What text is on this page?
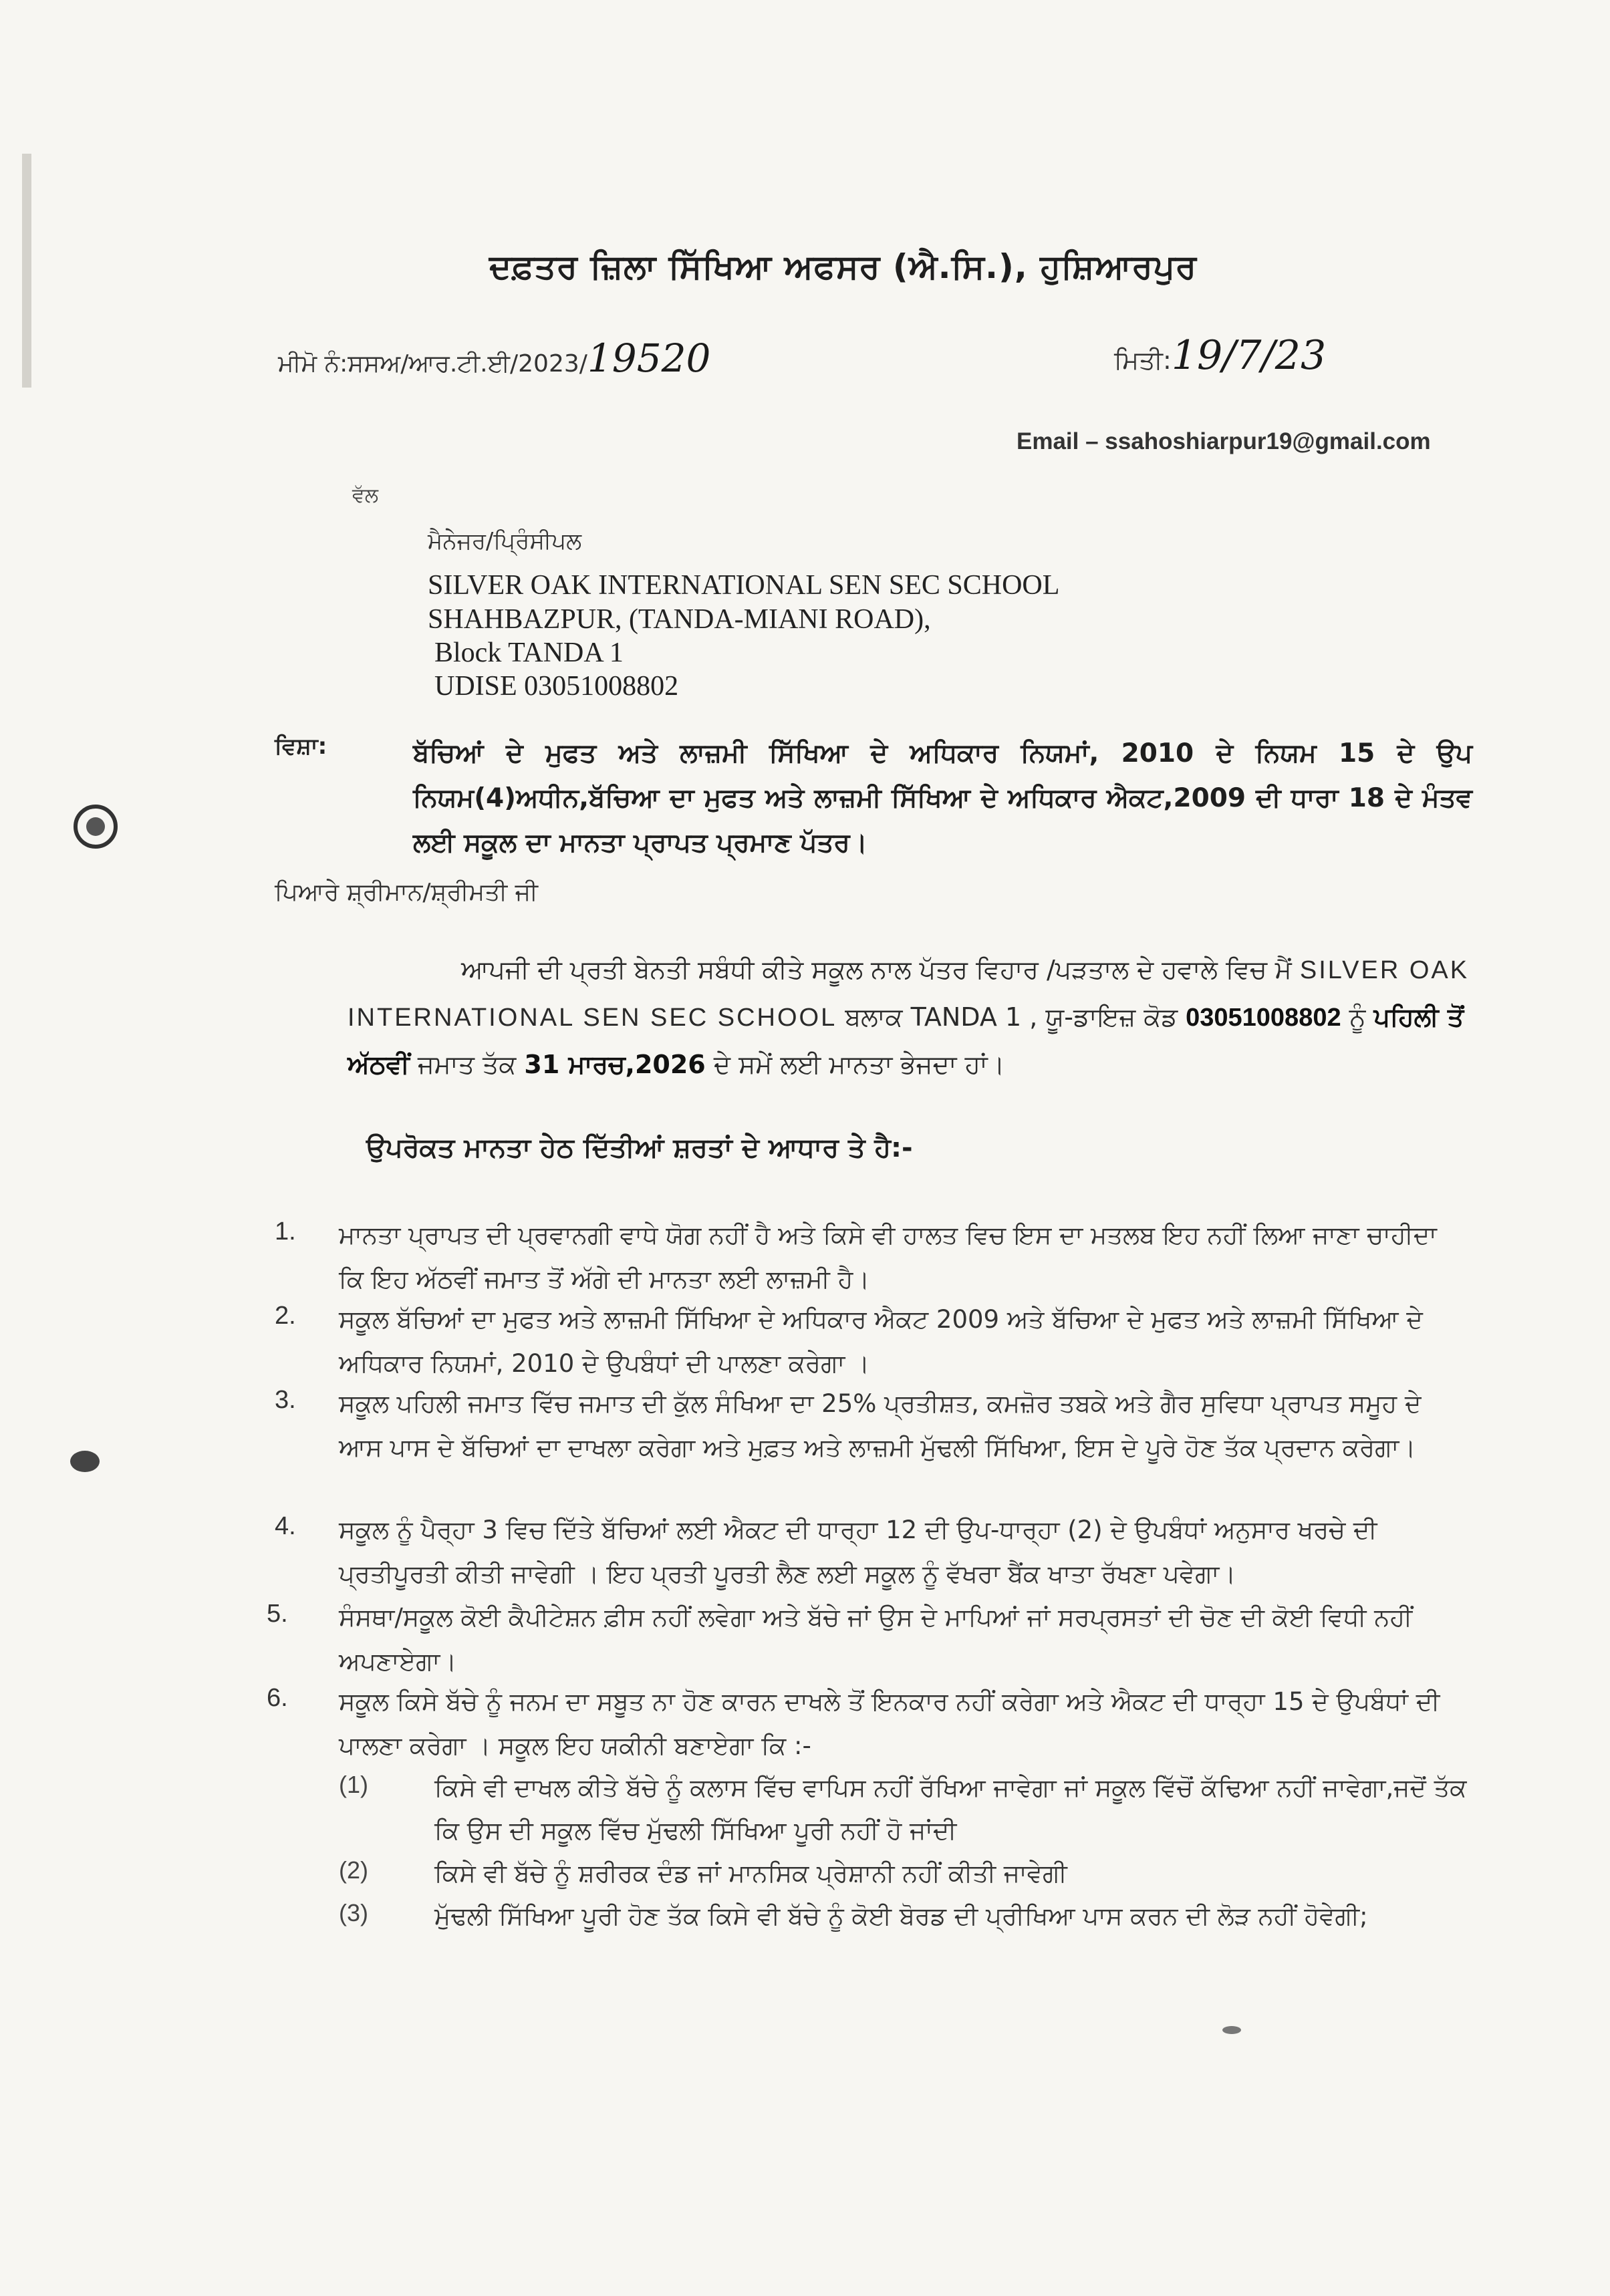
ਦਫ਼ਤਰ ਜ਼ਿਲਾ ਸਿੱਖਿਆ ਅਫਸਰ (ਐ.ਸਿ.), ਹੁਸ਼ਿਆਰਪੁਰ
ਮੀਮੋ ਨੰ:ਸਸਅ/ਆਰ.ਟੀ.ਈ/2023/19520	ਮਿਤੀ:19/7/23
Email – ssahoshiarpur19@gmail.com
ਵੱਲ
ਮੈਨੇਜਰ/ਪ੍ਰਿੰਸੀਪਲ
SILVER OAK INTERNATIONAL SEN SEC SCHOOL
SHAHBAZPUR, (TANDA-MIANI ROAD),
Block TANDA 1
UDISE 03051008802
ਵਿਸ਼ਾ:	ਬੱਚਿਆਂ ਦੇ ਮੁਫਤ ਅਤੇ ਲਾਜ਼ਮੀ ਸਿੱਖਿਆ ਦੇ ਅਧਿਕਾਰ ਨਿਯਮਾਂ, 2010 ਦੇ ਨਿਯਮ 15 ਦੇ ਉਪ ਨਿਯਮ(4)ਅਧੀਨ,ਬੱਚਿਆ ਦਾ ਮੁਫਤ ਅਤੇ ਲਾਜ਼ਮੀ ਸਿੱਖਿਆ ਦੇ ਅਧਿਕਾਰ ਐਕਟ,2009 ਦੀ ਧਾਰਾ 18 ਦੇ ਮੰਤਵ ਲਈ ਸਕੂਲ ਦਾ ਮਾਨਤਾ ਪ੍ਰਾਪਤ ਪ੍ਰਮਾਣ ਪੱਤਰ।
ਪਿਆਰੇ ਸ਼੍ਰੀਮਾਨ/ਸ਼੍ਰੀਮਤੀ ਜੀ
ਆਪਜੀ ਦੀ ਪ੍ਰਤੀ ਬੇਨਤੀ ਸਬੰਧੀ ਕੀਤੇ ਸਕੂਲ ਨਾਲ ਪੱਤਰ ਵਿਹਾਰ /ਪੜਤਾਲ ਦੇ ਹਵਾਲੇ ਵਿਚ ਮੈਂ SILVER OAK INTERNATIONAL SEN SEC SCHOOL ਬਲਾਕ TANDA 1 , ਯੂ-ਡਾਇਜ਼ ਕੋਡ 03051008802 ਨੂੰ ਪਹਿਲੀ ਤੋਂ ਅੱਠਵੀਂ ਜਮਾਤ ਤੱਕ 31 ਮਾਰਚ,2026 ਦੇ ਸਮੇਂ ਲਈ ਮਾਨਤਾ ਭੇਜਦਾ ਹਾਂ।
ਉਪਰੋਕਤ ਮਾਨਤਾ ਹੇਠ ਦਿੱਤੀਆਂ ਸ਼ਰਤਾਂ ਦੇ ਆਧਾਰ ਤੇ ਹੈ:-
1. ਮਾਨਤਾ ਪ੍ਰਾਪਤ ਦੀ ਪ੍ਰਵਾਨਗੀ ਵਾਧੇ ਯੋਗ ਨਹੀਂ ਹੈ ਅਤੇ ਕਿਸੇ ਵੀ ਹਾਲਤ ਵਿਚ ਇਸ ਦਾ ਮਤਲਬ ਇਹ ਨਹੀਂ ਲਿਆ ਜਾਣਾ ਚਾਹੀਦਾ ਕਿ ਇਹ ਅੱਠਵੀਂ ਜਮਾਤ ਤੋਂ ਅੱਗੇ ਦੀ ਮਾਨਤਾ ਲਈ ਲਾਜ਼ਮੀ ਹੈ।
2. ਸਕੂਲ ਬੱਚਿਆਂ ਦਾ ਮੁਫਤ ਅਤੇ ਲਾਜ਼ਮੀ ਸਿੱਖਿਆ ਦੇ ਅਧਿਕਾਰ ਐਕਟ 2009 ਅਤੇ ਬੱਚਿਆ ਦੇ ਮੁਫਤ ਅਤੇ ਲਾਜ਼ਮੀ ਸਿੱਖਿਆ ਦੇ ਅਧਿਕਾਰ ਨਿਯਮਾਂ, 2010 ਦੇ ਉਪਬੰਧਾਂ ਦੀ ਪਾਲਣਾ ਕਰੇਗਾ ।
3. ਸਕੂਲ ਪਹਿਲੀ ਜਮਾਤ ਵਿੱਚ ਜਮਾਤ ਦੀ ਕੁੱਲ ਸੰਖਿਆ ਦਾ 25% ਪ੍ਰਤੀਸ਼ਤ, ਕਮਜ਼ੋਰ ਤਬਕੇ ਅਤੇ ਗੈਰ ਸੁਵਿਧਾ ਪ੍ਰਾਪਤ ਸਮੂਹ ਦੇ ਆਸ ਪਾਸ ਦੇ ਬੱਚਿਆਂ ਦਾ ਦਾਖਲਾ ਕਰੇਗਾ ਅਤੇ ਮੁਫ਼ਤ ਅਤੇ ਲਾਜ਼ਮੀ ਮੁੱਢਲੀ ਸਿੱਖਿਆ, ਇਸ ਦੇ ਪੂਰੇ ਹੋਣ ਤੱਕ ਪ੍ਰਦਾਨ ਕਰੇਗਾ।
4. ਸਕੂਲ ਨੂੰ ਪੈਰ੍ਹਾ 3 ਵਿਚ ਦਿੱਤੇ ਬੱਚਿਆਂ ਲਈ ਐਕਟ ਦੀ ਧਾਰ੍ਹਾ 12 ਦੀ ਉਪ-ਧਾਰ੍ਹਾ (2) ਦੇ ਉਪਬੰਧਾਂ ਅਨੁਸਾਰ ਖਰਚੇ ਦੀ ਪ੍ਰਤੀਪੂਰਤੀ ਕੀਤੀ ਜਾਵੇਗੀ । ਇਹ ਪ੍ਰਤੀ ਪੂਰਤੀ ਲੈਣ ਲਈ ਸਕੂਲ ਨੂੰ ਵੱਖਰਾ ਬੈਂਕ ਖਾਤਾ ਰੱਖਣਾ ਪਵੇਗਾ।
5. ਸੰਸਥਾ/ਸਕੂਲ ਕੋਈ ਕੈਪੀਟੇਸ਼ਨ ਫ਼ੀਸ ਨਹੀਂ ਲਵੇਗਾ ਅਤੇ ਬੱਚੇ ਜਾਂ ਉਸ ਦੇ ਮਾਪਿਆਂ ਜਾਂ ਸਰਪ੍ਰਸਤਾਂ ਦੀ ਚੋਣ ਦੀ ਕੋਈ ਵਿਧੀ ਨਹੀਂ ਅਪਣਾਏਗਾ।
6. ਸਕੂਲ ਕਿਸੇ ਬੱਚੇ ਨੂੰ ਜਨਮ ਦਾ ਸਬੂਤ ਨਾ ਹੋਣ ਕਾਰਨ ਦਾਖਲੇ ਤੋਂ ਇਨਕਾਰ ਨਹੀਂ ਕਰੇਗਾ ਅਤੇ ਐਕਟ ਦੀ ਧਾਰ੍ਹਾ 15 ਦੇ ਉਪਬੰਧਾਂ ਦੀ ਪਾਲਣਾ ਕਰੇਗਾ । ਸਕੂਲ ਇਹ ਯਕੀਨੀ ਬਣਾਏਗਾ ਕਿ :-
(1)	ਕਿਸੇ ਵੀ ਦਾਖਲ ਕੀਤੇ ਬੱਚੇ ਨੂੰ ਕਲਾਸ ਵਿੱਚ ਵਾਪਿਸ ਨਹੀਂ ਰੱਖਿਆ ਜਾਵੇਗਾ ਜਾਂ ਸਕੂਲ ਵਿੱਚੋਂ ਕੱਢਿਆ ਨਹੀਂ ਜਾਵੇਗਾ,ਜਦੋਂ ਤੱਕ ਕਿ ਉਸ ਦੀ ਸਕੂਲ ਵਿੱਚ ਮੁੱਢਲੀ ਸਿੱਖਿਆ ਪੂਰੀ ਨਹੀਂ ਹੋ ਜਾਂਦੀ
(2)	ਕਿਸੇ ਵੀ ਬੱਚੇ ਨੂੰ ਸ਼ਰੀਰਕ ਦੰਡ ਜਾਂ ਮਾਨਸਿਕ ਪ੍ਰੇਸ਼ਾਨੀ ਨਹੀਂ ਕੀਤੀ ਜਾਵੇਗੀ
(3)	ਮੁੱਢਲੀ ਸਿੱਖਿਆ ਪੂਰੀ ਹੋਣ ਤੱਕ ਕਿਸੇ ਵੀ ਬੱਚੇ ਨੂੰ ਕੋਈ ਬੋਰਡ ਦੀ ਪ੍ਰੀਖਿਆ ਪਾਸ ਕਰਨ ਦੀ ਲੋੜ ਨਹੀਂ ਹੋਵੇਗੀ;
